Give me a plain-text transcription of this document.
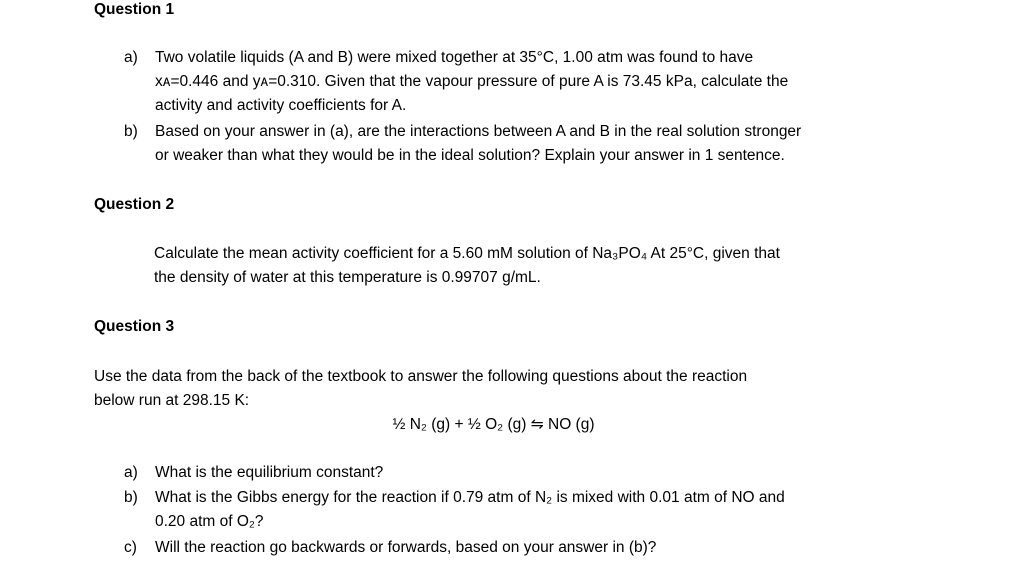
Question 1
a) Two volatile liquids (A and B) were mixed together at 35°C, 1.00 atm was found to have
xᴀ=0.446 and yᴀ=0.310. Given that the vapour pressure of pure A is 73.45 kPa, calculate the
activity and activity coefficients for A.
b) Based on your answer in (a), are the interactions between A and B in the real solution stronger
or weaker than what they would be in the ideal solution? Explain your answer in 1 sentence.
Question 2
Calculate the mean activity coefficient for a 5.60 mM solution of Na₃PO₄ At 25°C, given that
the density of water at this temperature is 0.99707 g/mL.
Question 3
Use the data from the back of the textbook to answer the following questions about the reaction
below run at 298.15 K:
½ N₂ (g) + ½ O₂ (g) ⇋ NO (g)
a) What is the equilibrium constant?
b) What is the Gibbs energy for the reaction if 0.79 atm of N₂ is mixed with 0.01 atm of NO and
0.20 atm of O₂?
c) Will the reaction go backwards or forwards, based on your answer in (b)?
